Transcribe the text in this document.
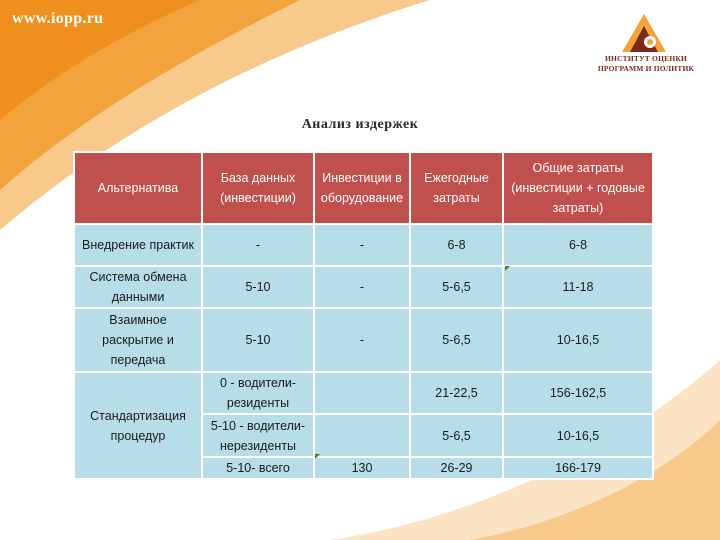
www.iopp.ru
ИНСТИТУТ ОЦЕНКИ
ПРОГРАММ И ПОЛИТИК
Анализ издержек
Альтернатива	База данных (инвестиции)	Инвестиции в оборудование	Ежегодные затраты	Общие затраты (инвестиции + годовые затраты)
Внедрение практик	-	-	6-8	6-8
Система обмена данными	5-10	-	5-6,5	11-18
Взаимное раскрытие и передача	5-10	-	5-6,5	10-16,5
Стандартизация процедур	0 - водители-резиденты		21-22,5	156-162,5
	5-10 - водители-нерезиденты		5-6,5	10-16,5
	5-10- всего	130	26-29	166-179
